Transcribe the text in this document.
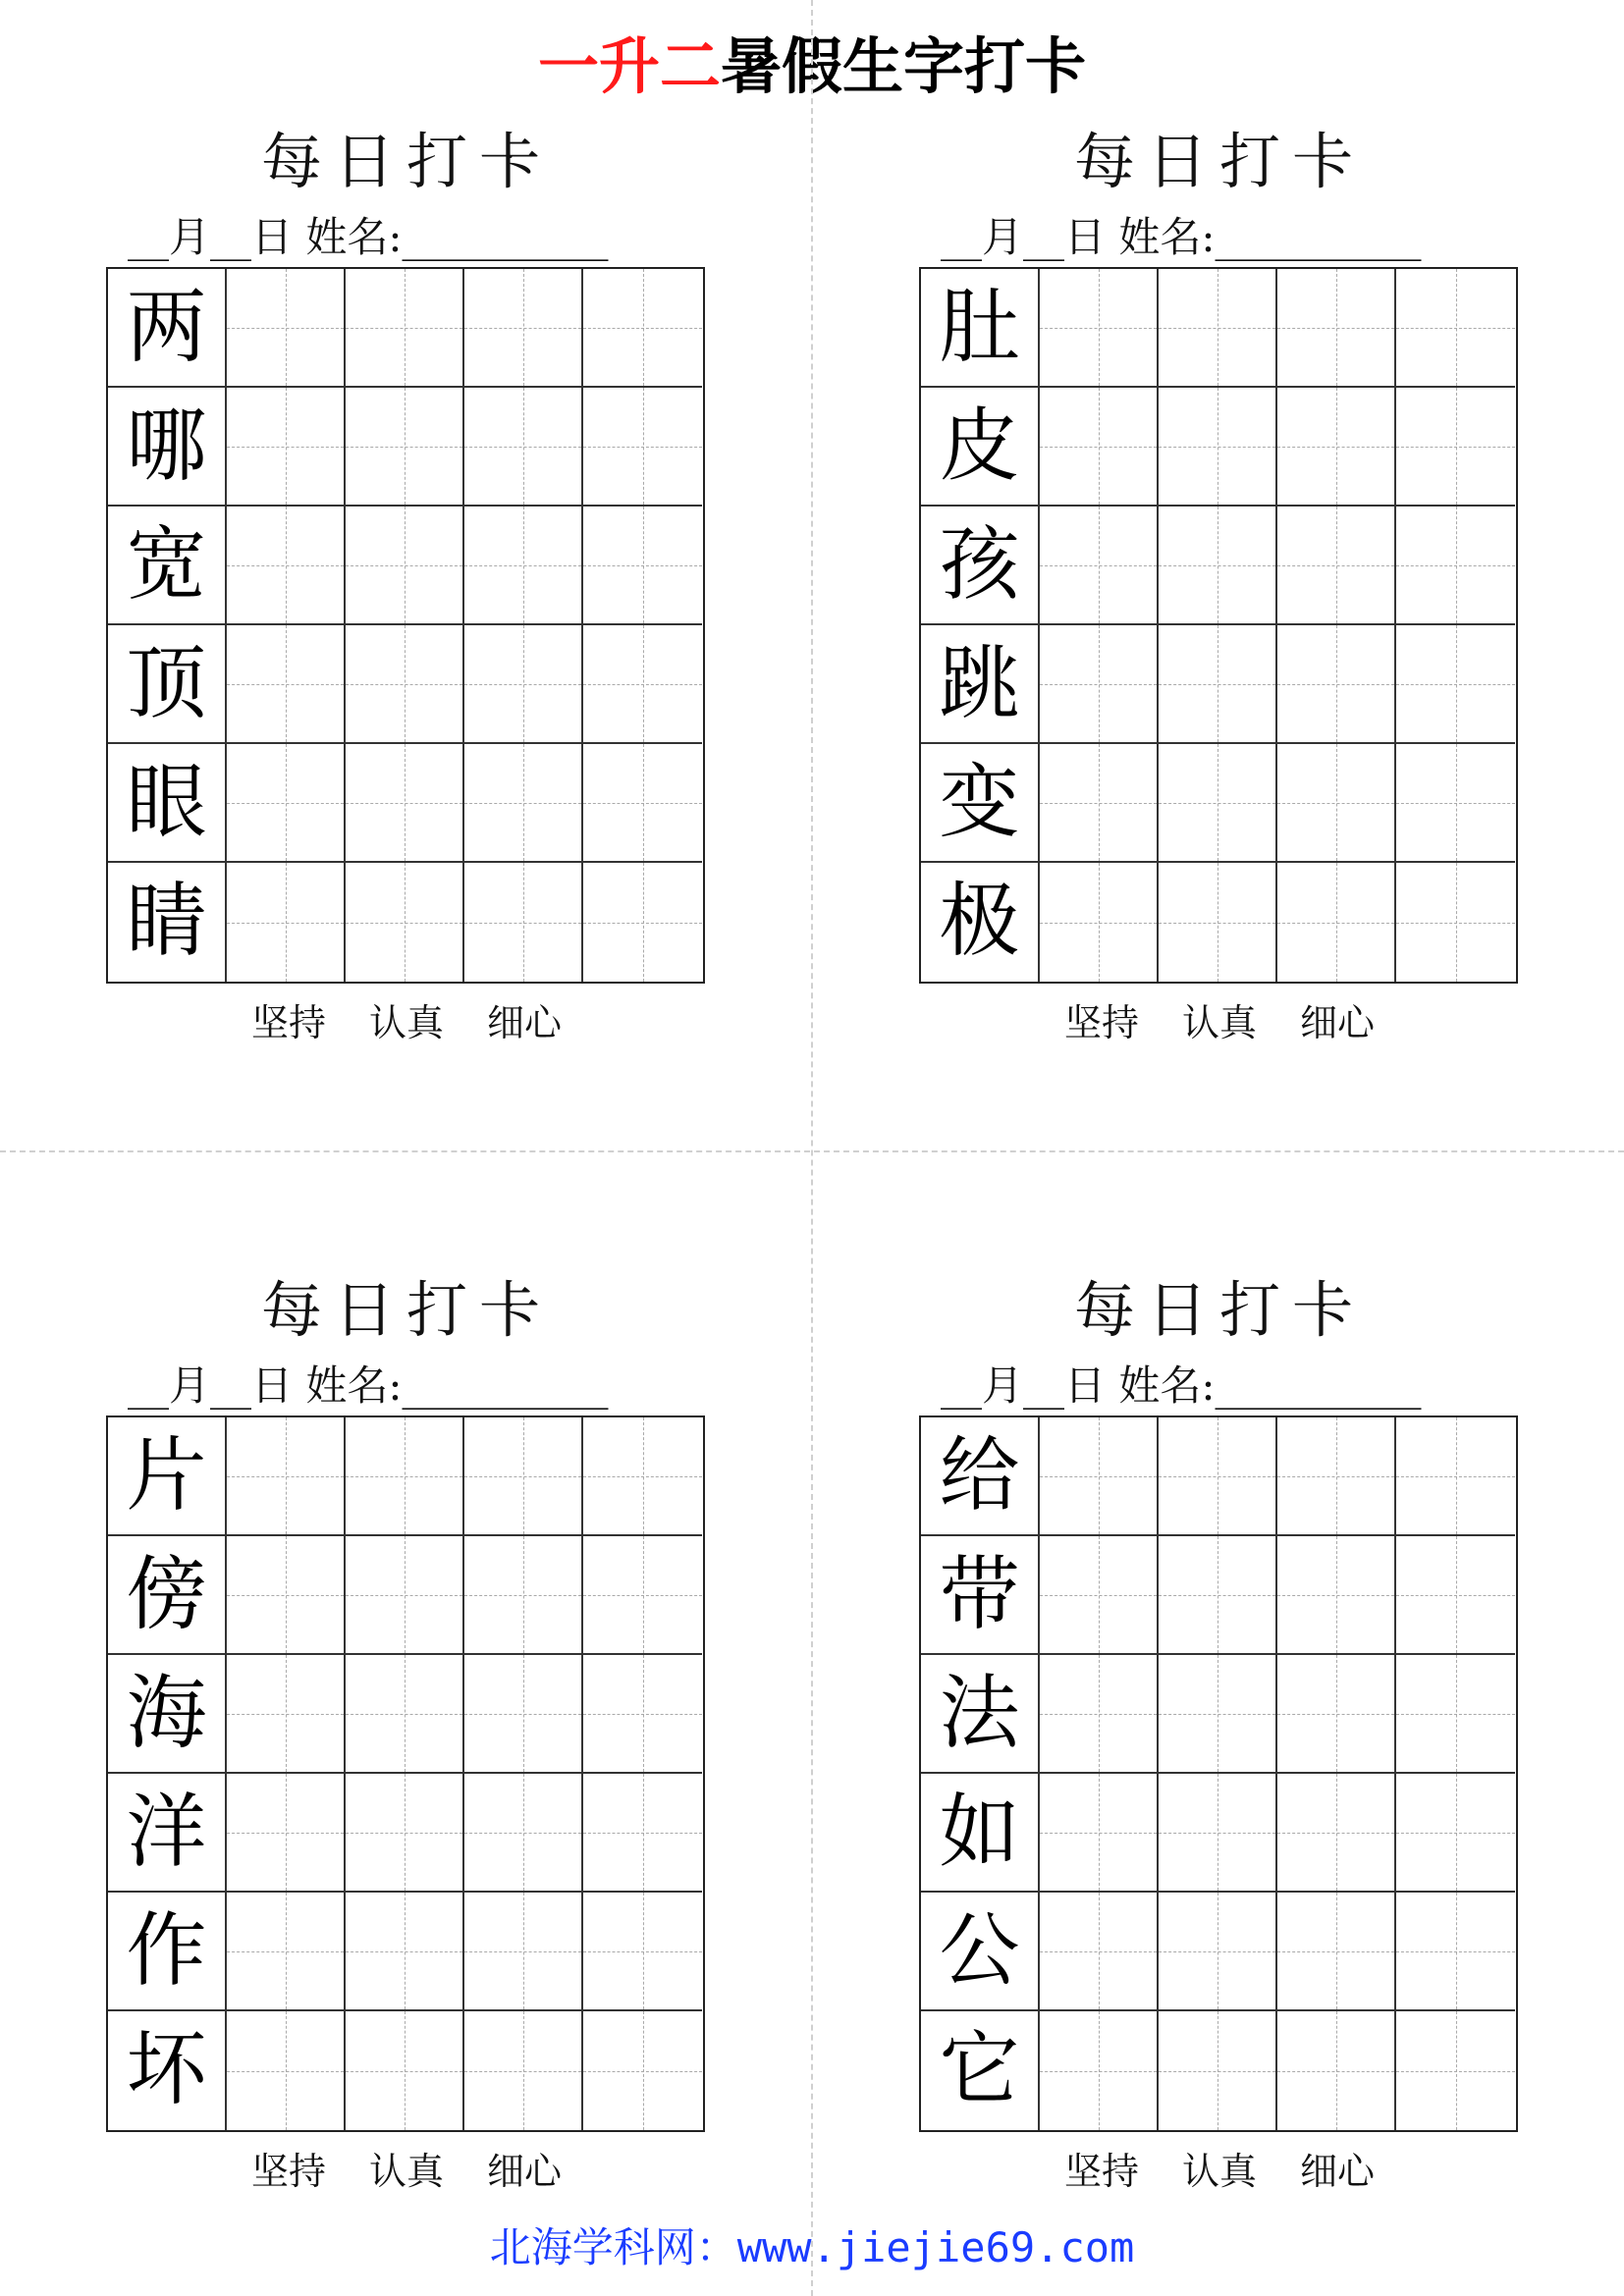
一升二暑假生字打卡
每日打卡
__月__日 姓名:__________
两
哪
宽
顶
眼
睛
坚持 认真 细心
每日打卡
__月__日 姓名:__________
肚
皮
孩
跳
变
极
坚持 认真 细心
每日打卡
__月__日 姓名:__________
片
傍
海
洋
作
坏
坚持 认真 细心
每日打卡
__月__日 姓名:__________
给
带
法
如
公
它
坚持 认真 细心
北海学科网：www.jiejie69.com
